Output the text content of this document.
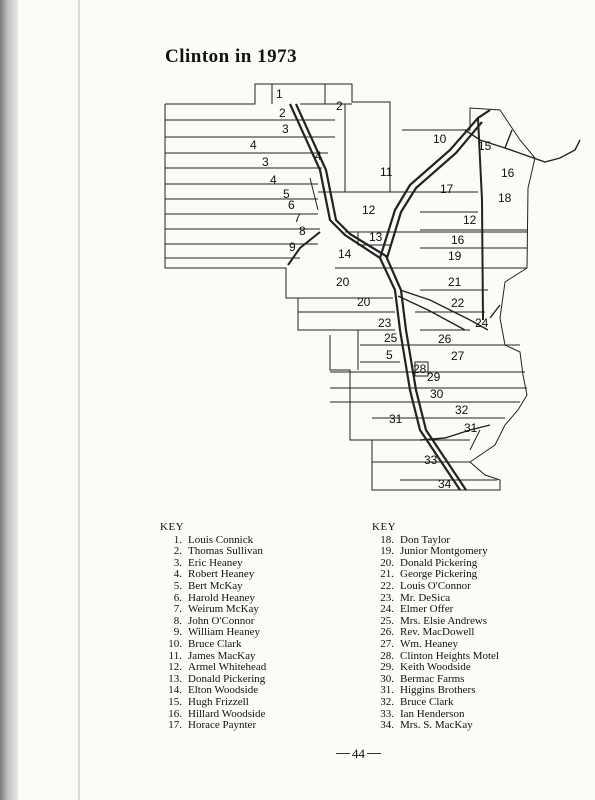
Clinton in 1973
1
2	2
3
4
4
3
4
5
6
7
8
9
10	15
11	16
17
18
12
12
13	16
14	19
20	21
20	22
24
23
25	26
5	27
28
29
30
32
31
31
33
34
KEY
1. Louis Connick
2. Thomas Sullivan
3. Eric Heaney
4. Robert Heaney
5. Bert McKay
6. Harold Heaney
7. Weirum McKay
8. John O'Connor
9. William Heaney
10. Bruce Clark
11. James MacKay
12. Armel Whitehead
13. Donald Pickering
14. Elton Woodside
15. Hugh Frizzell
16. Hillard Woodside
17. Horace Paynter
KEY
18. Don Taylor
19. Junior Montgomery
20. Donald Pickering
21. George Pickering
22. Louis O'Connor
23. Mr. DeSica
24. Elmer Offer
25. Mrs. Elsie Andrews
26. Rev. MacDowell
27. Wm. Heaney
28. Clinton Heights Motel
29. Keith Woodside
30. Bermac Farms
31. Higgins Brothers
32. Bruce Clark
33. Ian Henderson
34. Mrs. S. MacKay
44
